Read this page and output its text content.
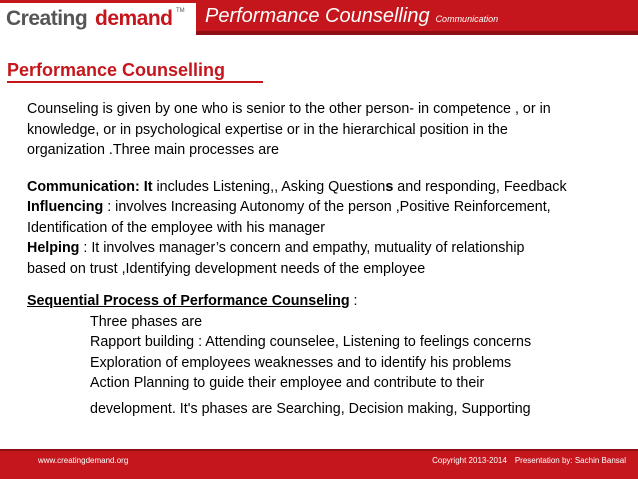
Creating demand TM Performance Counselling Communication
Performance Counselling
Counseling is given by one who is senior to the other person- in competence , or in
knowledge, or in psychological expertise or in the hierarchical position in the
organization .Three main processes are
Communication: It includes Listening,, Asking Questions and responding, Feedback
Influencing : involves Increasing Autonomy of the person ,Positive Reinforcement,
Identification of the employee with his manager
Helping : It involves manager’s concern and empathy, mutuality of relationship
based on trust ,Identifying development needs of the employee
Sequential Process of Performance Counseling :
Three phases are
Rapport building : Attending counselee, Listening to feelings concerns
Exploration of employees weaknesses and to identify his problems
Action Planning to guide their employee and contribute to their
development. It's phases are Searching, Decision making, Supporting
www.creatingdemand.org	Copyright 2013-2014 Presentation by: Sachin Bansal
